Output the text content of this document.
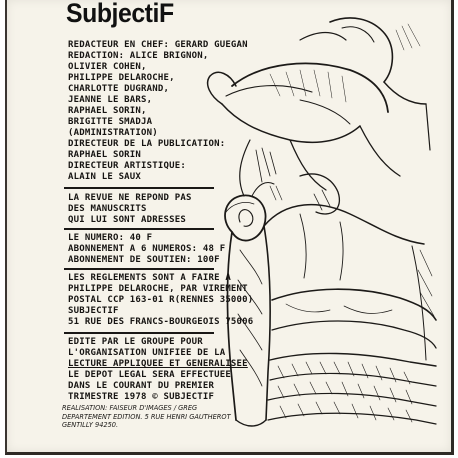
SubjectiF
REDACTEUR EN CHEF: GERARD GUEGAN
REDACTION: ALICE BRIGNON,
OLIVIER COHEN,
PHILIPPE DELAROCHE,
CHARLOTTE DUGRAND,
JEANNE LE BARS,
RAPHAEL SORIN,
BRIGITTE SMADJA
(ADMINISTRATION)
DIRECTEUR DE LA PUBLICATION:
RAPHAEL SORIN
DIRECTEUR ARTISTIQUE:
ALAIN LE SAUX
LA REVUE NE REPOND PAS
DES MANUSCRITS
QUI LUI SONT ADRESSES
LE NUMERO: 40 F
ABONNEMENT A 6 NUMEROS: 48 F
ABONNEMENT DE SOUTIEN: 100F
LES REGLEMENTS SONT A FAIRE A
PHILIPPE DELAROCHE, PAR VIREMENT
POSTAL CCP 163-01 R(RENNES 35000)
SUBJECTIF
51 RUE DES FRANCS-BOURGEOIS 75006
EDITE PAR LE GROUPE POUR
L'ORGANISATION UNIFIEE DE LA
LECTURE APPLIQUEE ET GENERALISEE
LE DEPOT LEGAL SERA EFFECTUEE
DANS LE COURANT DU PREMIER
TRIMESTRE 1978 © SUBJECTIF
REALISATION: FAISEUR D'IMAGES / GREG
DEPARTEMENT EDITION. 5 RUE HENRI GAUTHEROT
GENTILLY 94250.
